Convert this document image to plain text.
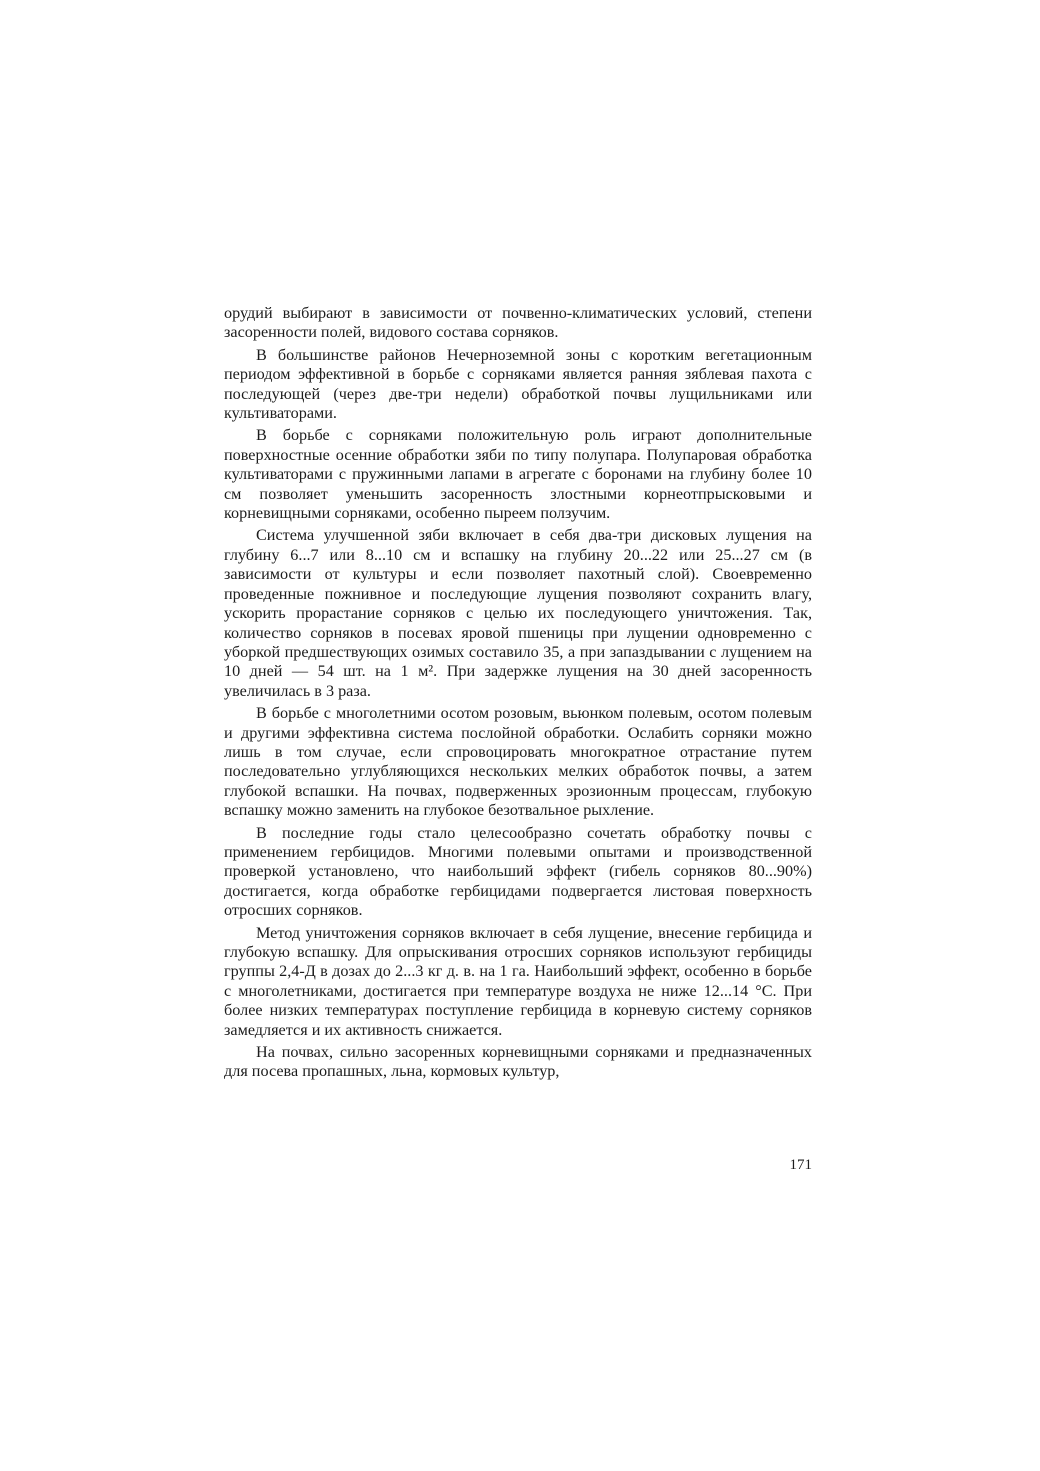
орудий выбирают в зависимости от почвенно-климатических условий, степени засоренности полей, видового состава сорняков.

В большинстве районов Нечерноземной зоны с коротким вегетационным периодом эффективной в борьбе с сорняками является ранняя зяблевая пахота с последующей (через две-три недели) обработкой почвы лущильниками или культиваторами.

В борьбе с сорняками положительную роль играют дополнительные поверхностные осенние обработки зяби по типу полупара. Полупаровая обработка культиваторами с пружинными лапами в агрегате с боронами на глубину более 10 см позволяет уменьшить засоренность злостными корнеотпрысковыми и корневищными сорняками, особенно пыреем ползучим.

Система улучшенной зяби включает в себя два-три дисковых лущения на глубину 6...7 или 8...10 см и вспашку на глубину 20...22 или 25...27 см (в зависимости от культуры и если позволяет пахотный слой). Своевременно проведенные пожнивное и последующие лущения позволяют сохранить влагу, ускорить прорастание сорняков с целью их последующего уничтожения. Так, количество сорняков в посевах яровой пшеницы при лущении одновременно с уборкой предшествующих озимых составило 35, а при запаздывании с лущением на 10 дней — 54 шт. на 1 м². При задержке лущения на 30 дней засоренность увеличилась в 3 раза.

В борьбе с многолетними осотом розовым, вьюнком полевым, осотом полевым и другими эффективна система послойной обработки. Ослабить сорняки можно лишь в том случае, если спровоцировать многократное отрастание путем последовательно углубляющихся нескольких мелких обработок почвы, а затем глубокой вспашки. На почвах, подверженных эрозионным процессам, глубокую вспашку можно заменить на глубокое безотвальное рыхление.

В последние годы стало целесообразно сочетать обработку почвы с применением гербицидов. Многими полевыми опытами и производственной проверкой установлено, что наибольший эффект (гибель сорняков 80...90%) достигается, когда обработке гербицидами подвергается листовая поверхность отросших сорняков.

Метод уничтожения сорняков включает в себя лущение, внесение гербицида и глубокую вспашку. Для опрыскивания отросших сорняков используют гербициды группы 2,4-Д в дозах до 2...3 кг д. в. на 1 га. Наибольший эффект, особенно в борьбе с многолетниками, достигается при температуре воздуха не ниже 12...14 °С. При более низких температурах поступление гербицида в корневую систему сорняков замедляется и их активность снижается.

На почвах, сильно засоренных корневищными сорняками и предназначенных для посева пропашных, льна, кормовых культур,

171
